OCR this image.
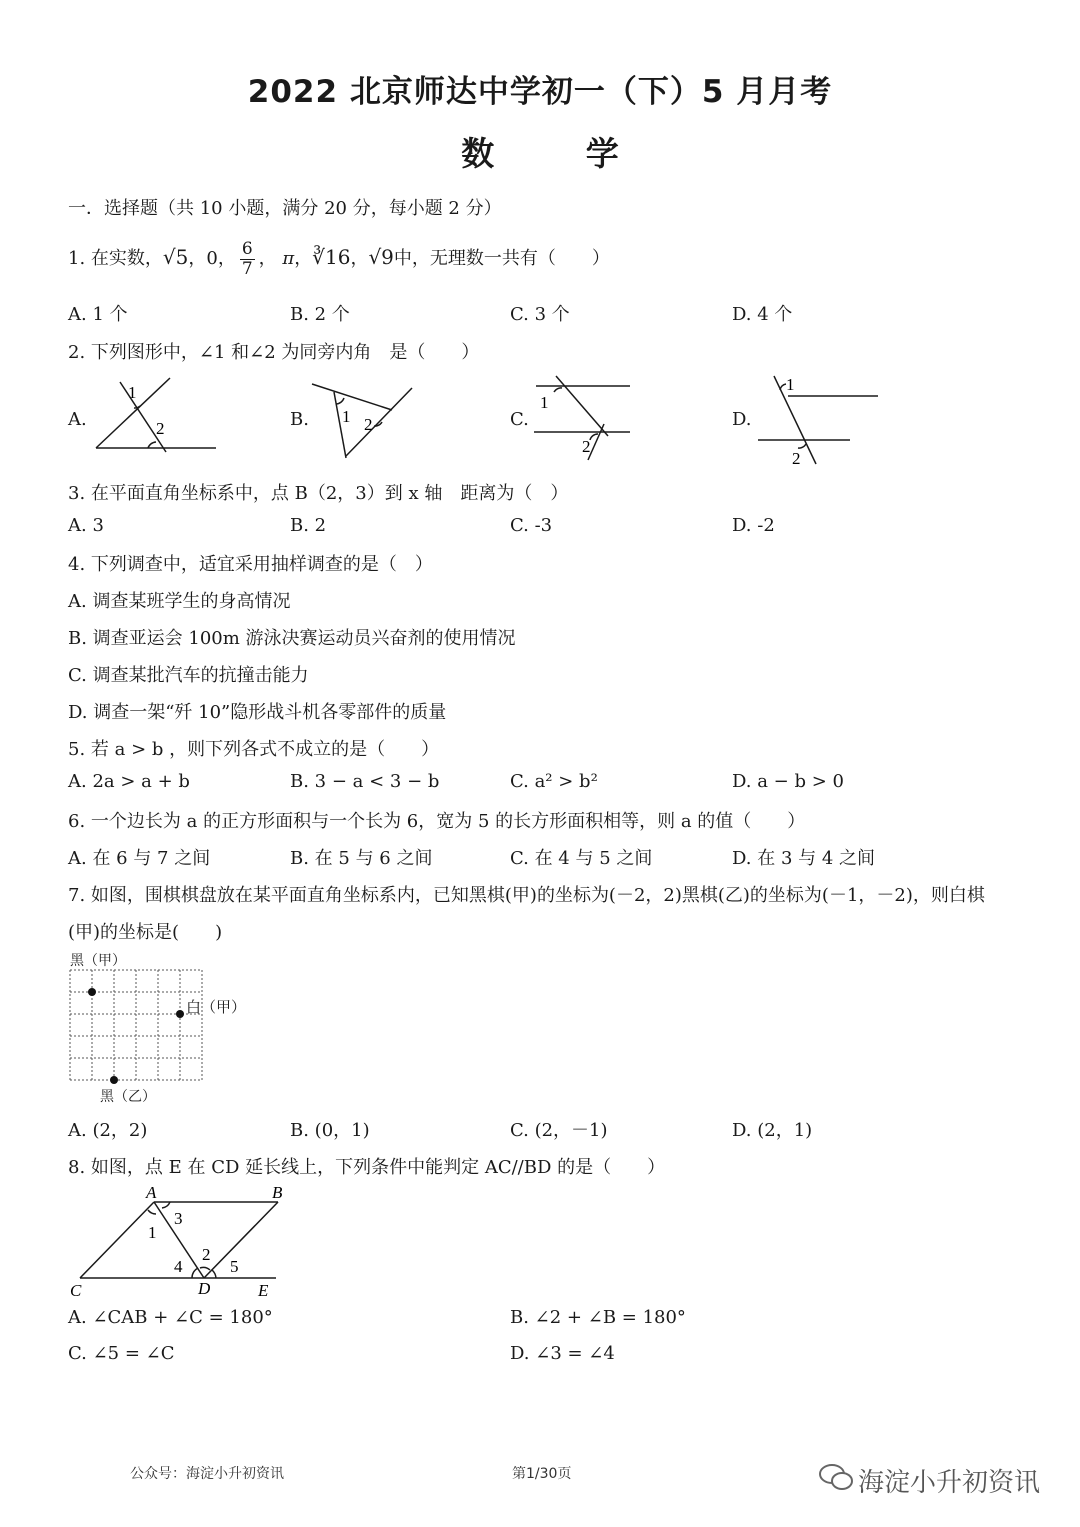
2022 北京师达中学初一（下）5 月月考
数 学
一．选择题（共 10 小题，满分 20 分，每小题 2 分）
1. 在实数，√5，0， $\frac{6}{7}$ ， π，∛16，√9中，无理数一共有（　　）
A. 1 个	B. 2 个	C. 3 个	D. 4 个
2. 下列图形中，∠1 和∠2 为同旁内角　是（　　）
A.	B.	C.	D.
1
2
1 2
1
2
1
2
3. 在平面直角坐标系中，点 B（2，3）到 x 轴　距离为（　）
A. 3	B. 2	C. -3	D. -2
4. 下列调查中，适宜采用抽样调查的是（　）
A. 调查某班学生的身高情况
B. 调查亚运会 100m 游泳决赛运动员兴奋剂的使用情况
C. 调查某批汽车的抗撞击能力
D. 调查一架“歼 10”隐形战斗机各零部件的质量
5. 若 a > b ，则下列各式不成立的是（　　）
A. 2a > a + b	B. 3 − a < 3 − b	C. a² > b²	D. a − b > 0
6. 一个边长为 a 的正方形面积与一个长为 6，宽为 5 的长方形面积相等，则 a 的值（　　）
A. 在 6 与 7 之间	B. 在 5 与 6 之间	C. 在 4 与 5 之间	D. 在 3 与 4 之间
7. 如图，围棋棋盘放在某平面直角坐标系内，已知黑棋(甲)的坐标为(－2，2)黑棋(乙)的坐标为(－1，－2)，则白棋
(甲)的坐标是(　　)
黑（甲）
白（甲）
黑（乙）
A. (2，2)	B. (0，1)	C. (2，－1)	D. (2，1)
8. 如图，点 E 在 CD 延长线上，下列条件中能判定 AC//BD 的是（　　）
A	B
C	D	E
1
2
3
4	5
A. ∠CAB + ∠C = 180°	B. ∠2 + ∠B = 180°
C. ∠5 = ∠C	D. ∠3 = ∠4
公众号：海淀小升初资讯	第1/30页	海淀小升初资讯
